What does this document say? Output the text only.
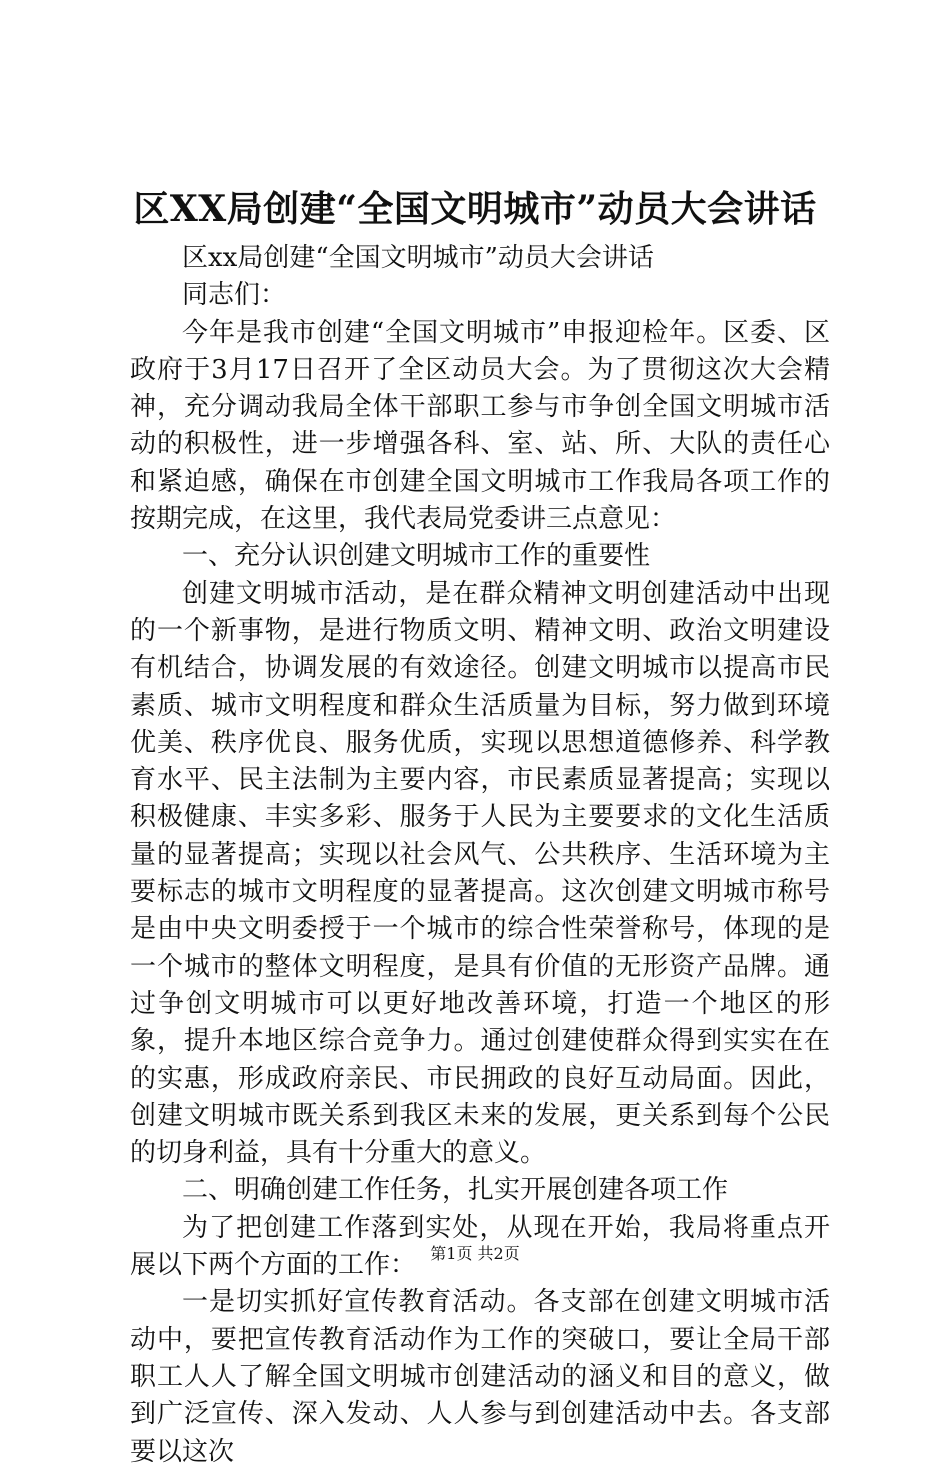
区XX局创建“全国文明城市”动员大会讲话

区xx局创建“全国文明城市”动员大会讲话

同志们：

今年是我市创建“全国文明城市”申报迎检年。区委、区政府于3月17日召开了全区动员大会。为了贯彻这次大会精神，充分调动我局全体干部职工参与市争创全国文明城市活动的积极性，进一步增强各科、室、站、所、大队的责任心和紧迫感，确保在市创建全国文明城市工作我局各项工作的按期完成，在这里，我代表局党委讲三点意见：

一、充分认识创建文明城市工作的重要性

创建文明城市活动，是在群众精神文明创建活动中出现的一个新事物，是进行物质文明、精神文明、政治文明建设有机结合，协调发展的有效途径。创建文明城市以提高市民素质、城市文明程度和群众生活质量为目标，努力做到环境优美、秩序优良、服务优质，实现以思想道德修养、科学教育水平、民主法制为主要内容，市民素质显著提高；实现以积极健康、丰实多彩、服务于人民为主要要求的文化生活质量的显著提高；实现以社会风气、公共秩序、生活环境为主要标志的城市文明程度的显著提高。这次创建文明城市称号是由中央文明委授于一个城市的综合性荣誉称号，体现的是一个城市的整体文明程度，是具有价值的无形资产品牌。通过争创文明城市可以更好地改善环境，打造一个地区的形象，提升本地区综合竞争力。通过创建使群众得到实实在在的实惠，形成政府亲民、市民拥政的良好互动局面。因此，创建文明城市既关系到我区未来的发展，更关系到每个公民的切身利益，具有十分重大的意义。

二、明确创建工作任务，扎实开展创建各项工作

为了把创建工作落到实处，从现在开始，我局将重点开展以下两个方面的工作：

一是切实抓好宣传教育活动。各支部在创建文明城市活动中，要把宣传教育活动作为工作的突破口，要让全局干部职工人人了解全国文明城市创建活动的涵义和目的意义，做到广泛宣传、深入发动、人人参与到创建活动中去。各支部要以这次

第1页 共2页
